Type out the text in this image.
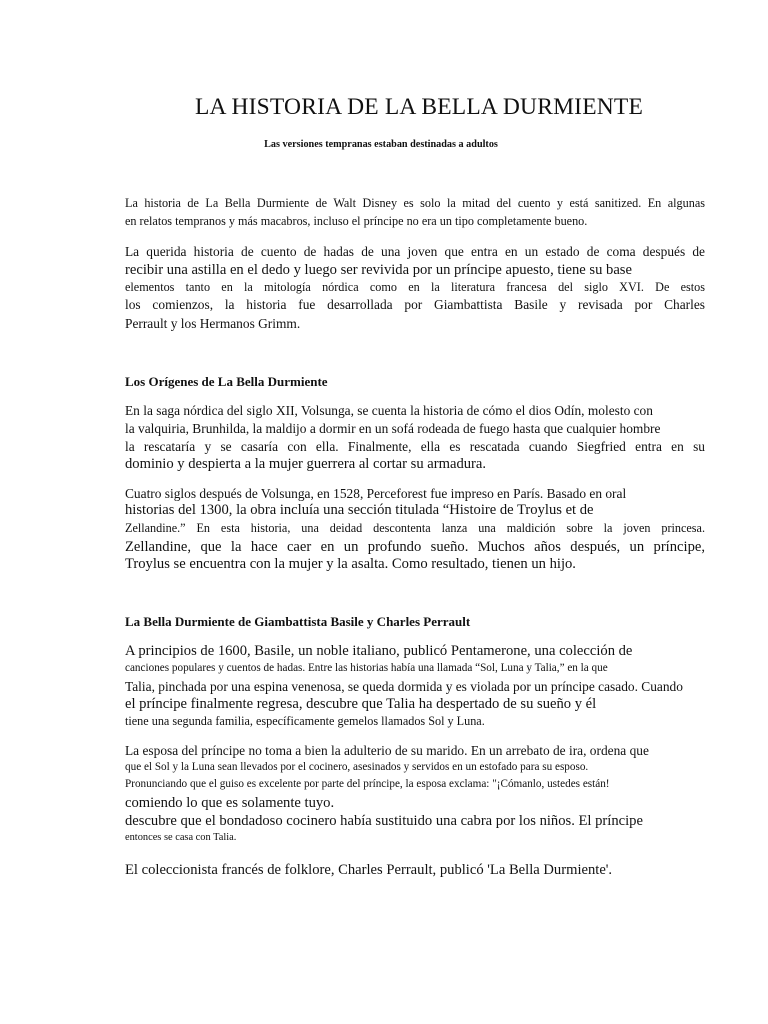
LA HISTORIA DE LA BELLA DURMIENTE

Las versiones tempranas estaban destinadas a adultos

La historia de La Bella Durmiente de Walt Disney es solo la mitad del cuento y está sanitized. En algunas

en relatos tempranos y más macabros, incluso el príncipe no era un tipo completamente bueno.

La querida historia de cuento de hadas de una joven que entra en un estado de coma después de

recibir una astilla en el dedo y luego ser revivida por un príncipe apuesto, tiene su base

elementos tanto en la mitología nórdica como en la literatura francesa del siglo XVI. De estos

los comienzos, la historia fue desarrollada por Giambattista Basile y revisada por Charles

Perrault y los Hermanos Grimm.

Los Orígenes de La Bella Durmiente

En la saga nórdica del siglo XII, Volsunga, se cuenta la historia de cómo el dios Odín, molesto con

la valquiria, Brunhilda, la maldijo a dormir en un sofá rodeada de fuego hasta que cualquier hombre

la rescataría y se casaría con ella. Finalmente, ella es rescatada cuando Siegfried entra en su

dominio y despierta a la mujer guerrera al cortar su armadura.

Cuatro siglos después de Volsunga, en 1528, Perceforest fue impreso en París. Basado en oral

historias del 1300, la obra incluía una sección titulada “Histoire de Troylus et de

Zellandine.” En esta historia, una deidad descontenta lanza una maldición sobre la joven princesa.

Zellandine, que la hace caer en un profundo sueño. Muchos años después, un príncipe,

Troylus se encuentra con la mujer y la asalta. Como resultado, tienen un hijo.

La Bella Durmiente de Giambattista Basile y Charles Perrault

A principios de 1600, Basile, un noble italiano, publicó Pentamerone, una colección de

canciones populares y cuentos de hadas. Entre las historias había una llamada “Sol, Luna y Talia,” en la que

Talia, pinchada por una espina venenosa, se queda dormida y es violada por un príncipe casado. Cuando

el príncipe finalmente regresa, descubre que Talia ha despertado de su sueño y él

tiene una segunda familia, específicamente gemelos llamados Sol y Luna.

La esposa del príncipe no toma a bien la adulterio de su marido. En un arrebato de ira, ordena que

que el Sol y la Luna sean llevados por el cocinero, asesinados y servidos en un estofado para su esposo.

Pronunciando que el guiso es excelente por parte del príncipe, la esposa exclama: "¡Cómanlo, ustedes están!

comiendo lo que es solamente tuyo.

descubre que el bondadoso cocinero había sustituido una cabra por los niños. El príncipe

entonces se casa con Talia.

El coleccionista francés de folklore, Charles Perrault, publicó 'La Bella Durmiente'.
